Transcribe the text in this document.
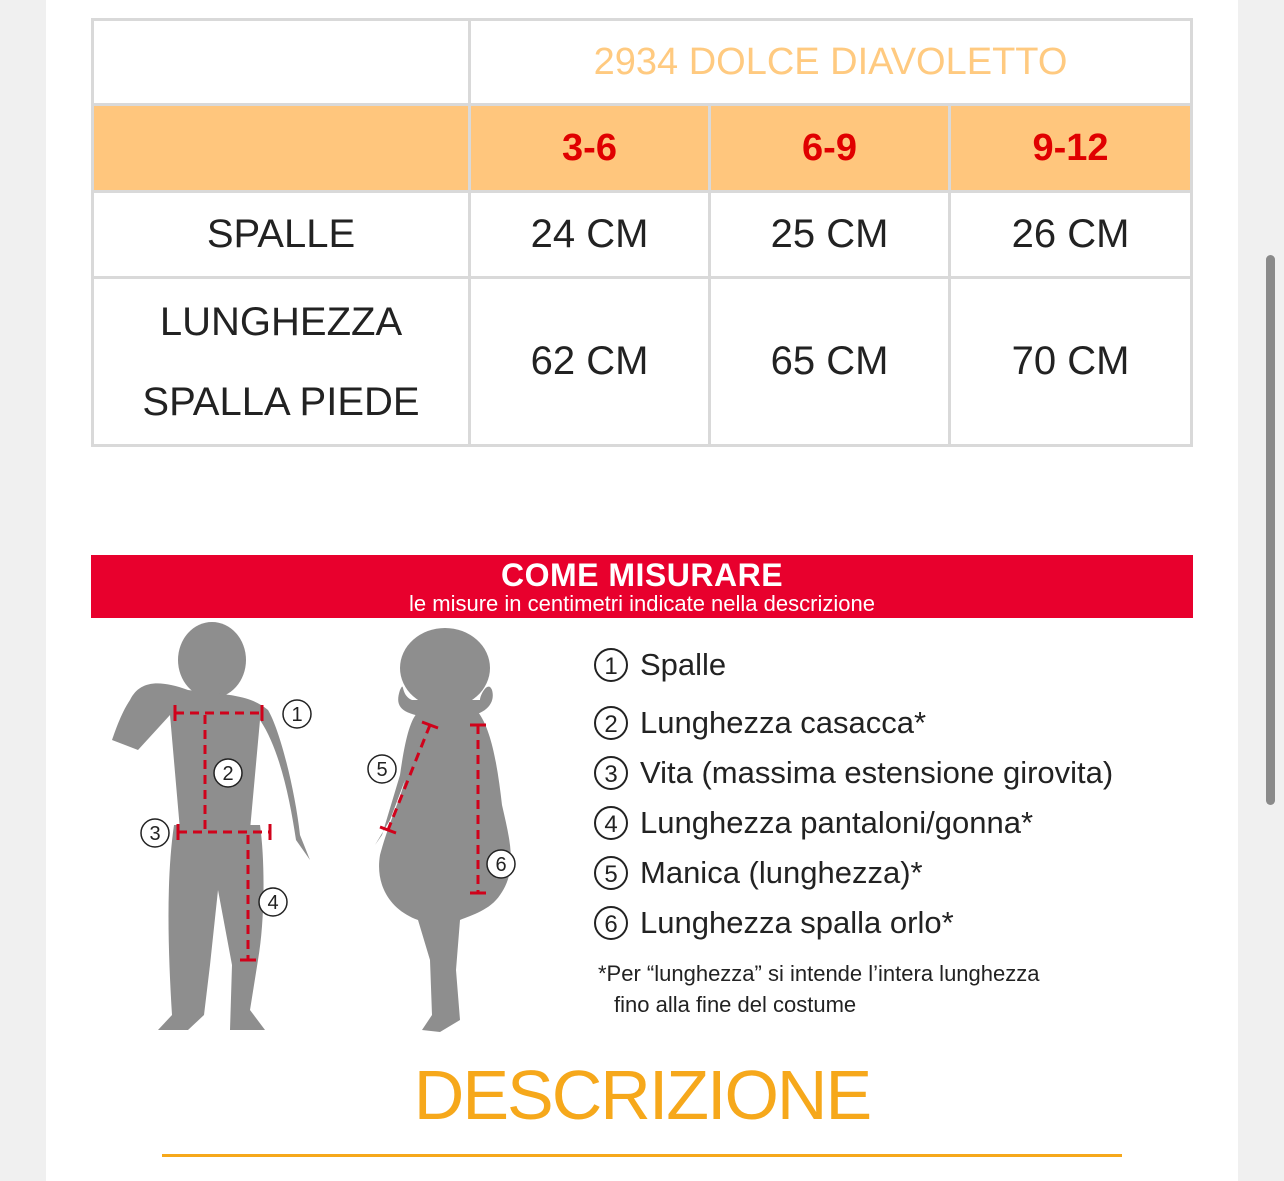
2934 DOLCE DIAVOLETTO
3-6	6-9	9-12
SPALLE	24 CM	25 CM	26 CM
LUNGHEZZA
SPALLA PIEDE
62 CM	65 CM	70 CM
COME MISURARE
le misure in centimetri indicate nella descrizione
1
2
3
4
5
6
1 Spalle
2 Lunghezza casacca*
3 Vita (massima estensione girovita)
4 Lunghezza pantaloni/gonna*
5 Manica (lunghezza)*
6 Lunghezza spalla orlo*
*Per “lunghezza” si intende l’intera lunghezza
fino alla fine del costume
DESCRIZIONE
